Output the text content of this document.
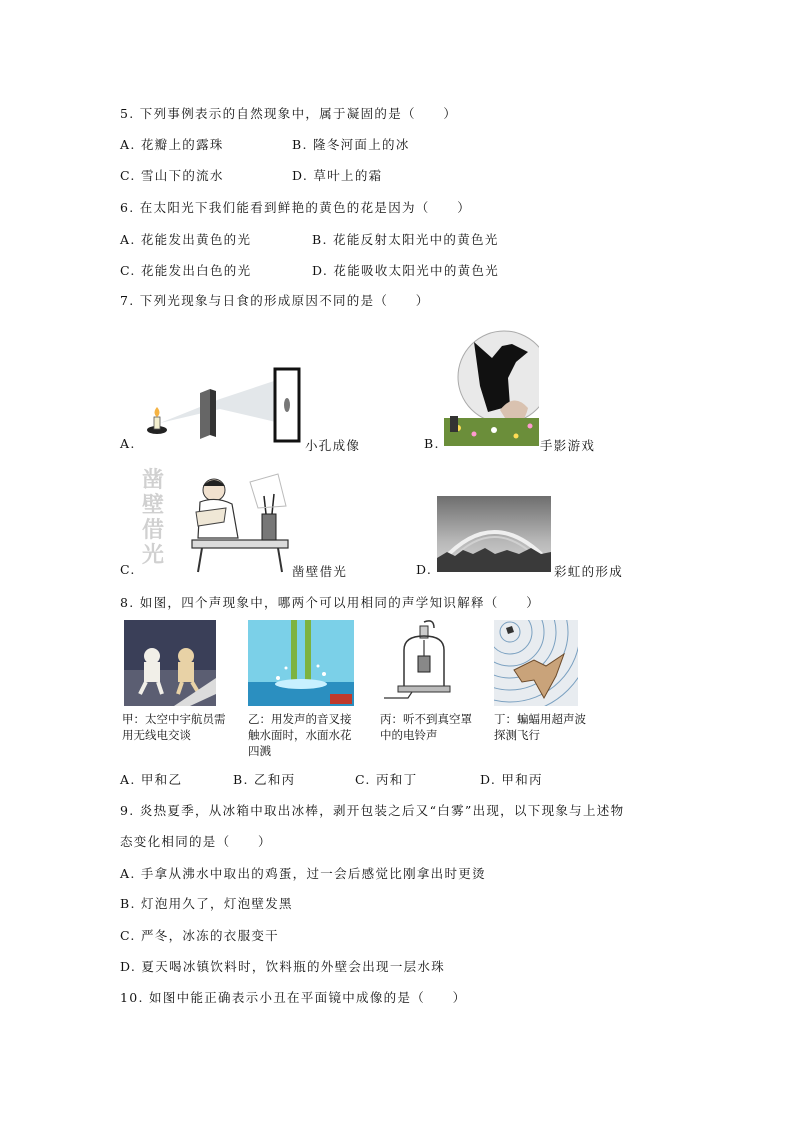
5. 下列事例表示的自然现象中，属于凝固的是（　　）
A. 花瓣上的露珠	B. 隆冬河面上的冰
C. 雪山下的流水	D. 草叶上的霜
6. 在太阳光下我们能看到鲜艳的黄色的花是因为（　　）
A. 花能发出黄色的光	B. 花能反射太阳光中的黄色光
C. 花能发出白色的光	D. 花能吸收太阳光中的黄色光
7. 下列光现象与日食的形成原因不同的是（　　）
A.	小孔成像	B.	手影游戏
凿壁借光
C.	凿壁借光	D.	彩虹的形成
8. 如图，四个声现象中，哪两个可以用相同的声学知识解释（　　）
甲：太空中宇航员需用无线电交谈
乙：用发声的音叉接触水面时，水面水花四溅
丙：听不到真空罩中的电铃声
丁：蝙蝠用超声波探测飞行
A. 甲和乙	B. 乙和丙	C. 丙和丁	D. 甲和丙
9. 炎热夏季，从冰箱中取出冰棒，剥开包装之后又“白雾”出现，以下现象与上述物
态变化相同的是（　　）
A. 手拿从沸水中取出的鸡蛋，过一会后感觉比刚拿出时更烫
B. 灯泡用久了，灯泡壁发黑
C. 严冬，冰冻的衣服变干
D. 夏天喝冰镇饮料时，饮料瓶的外壁会出现一层水珠
10. 如图中能正确表示小丑在平面镜中成像的是（　　）
